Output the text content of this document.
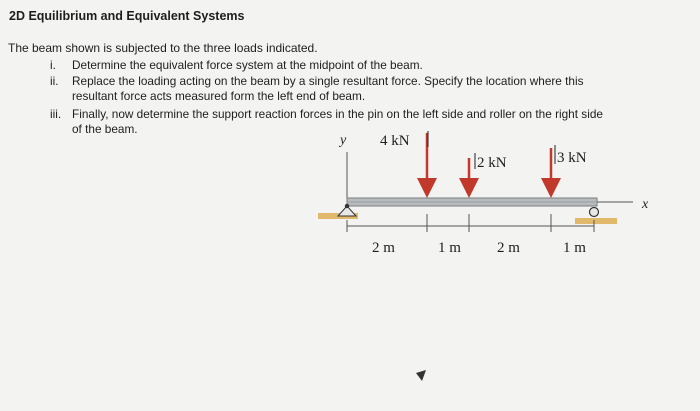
2D Equilibrium and Equivalent Systems
The beam shown is subjected to the three loads indicated.
i. Determine the equivalent force system at the midpoint of the beam.
ii. Replace the loading acting on the beam by a single resultant force. Specify the location where this
resultant force acts measured form the left end of beam.
iii. Finally, now determine the support reaction forces in the pin on the left side and roller on the right side
of the beam.
y
x
4 kN
2 kN	3 kN
2 m	1 m 2 m	1 m
